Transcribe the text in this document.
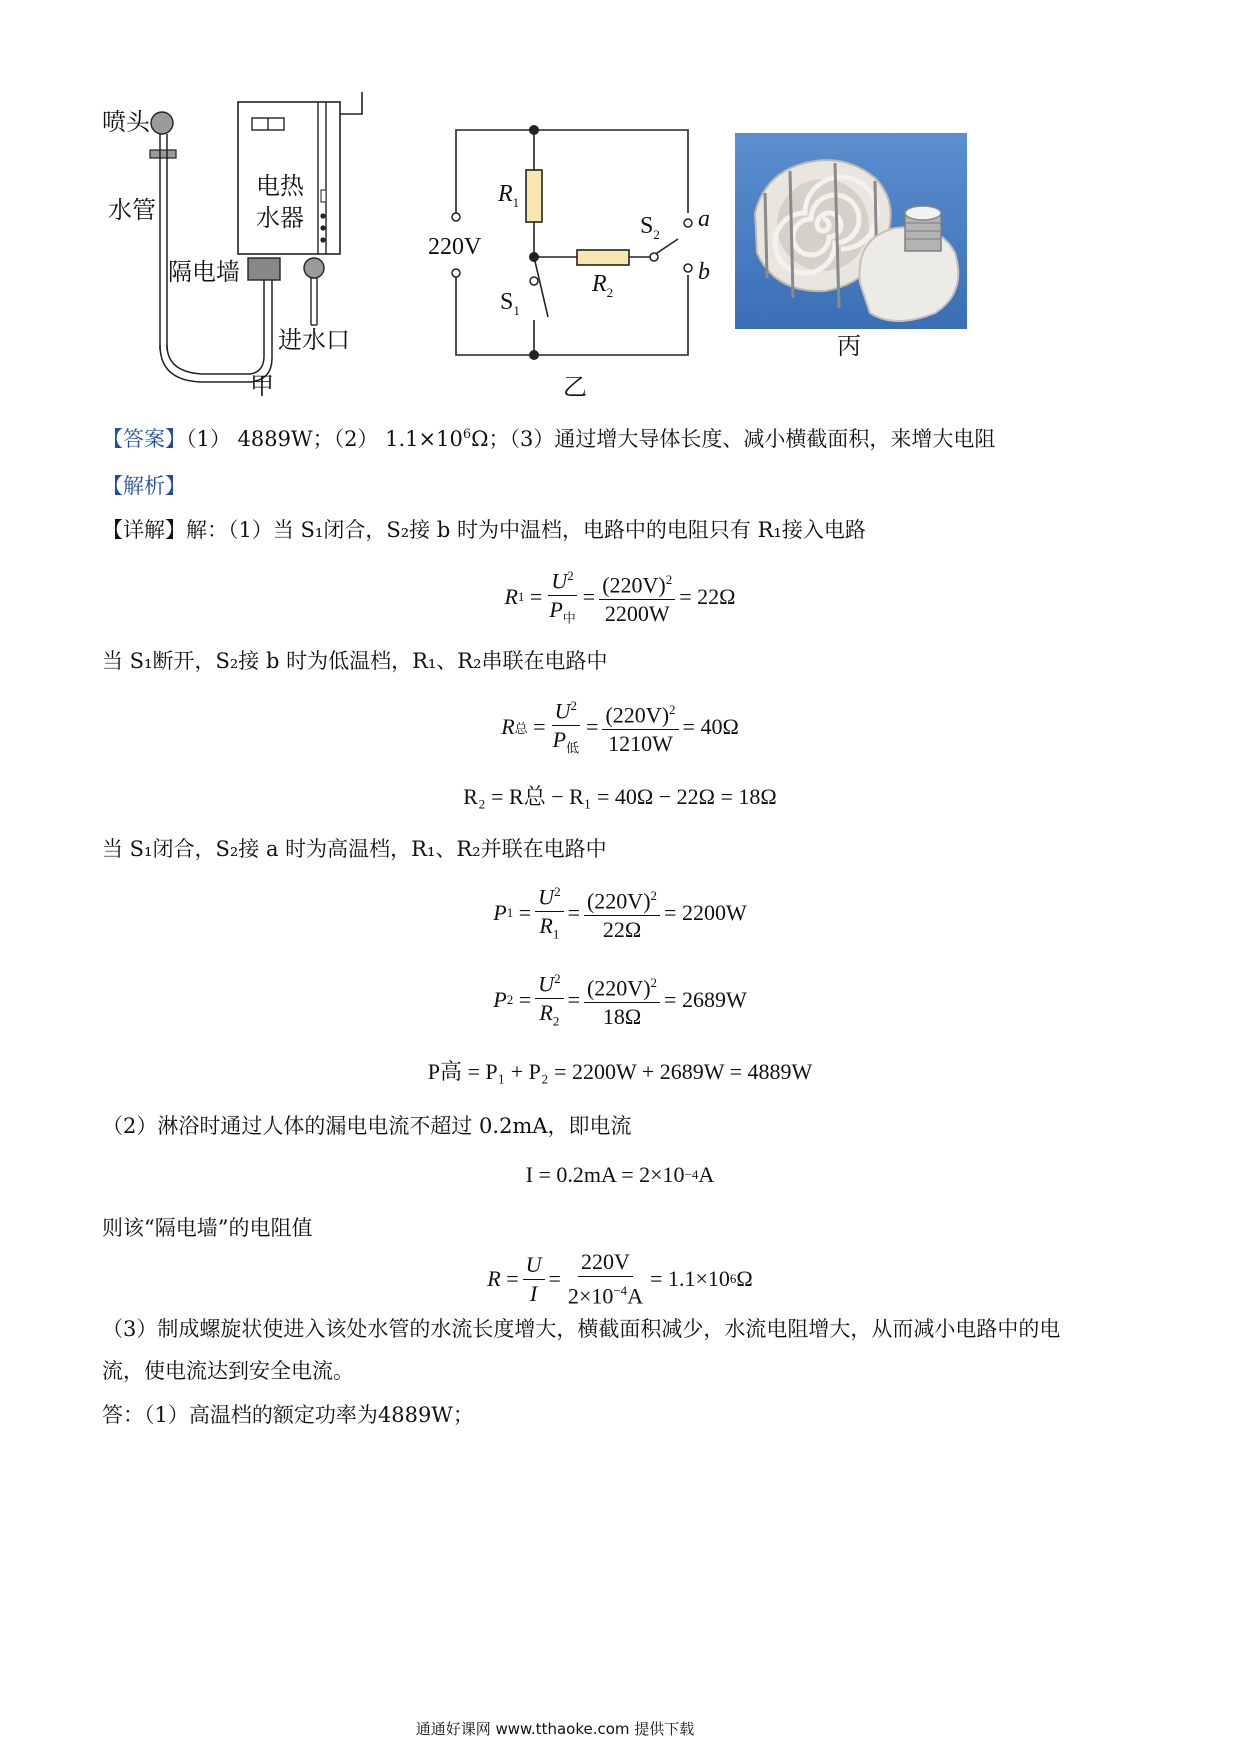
喷头
水管
电热
水器
隔电墙
进水口
甲
220V
$R_1$
$R_2$
$S_1$
$S_2$
a
b
乙
丙
【答案】（1） 4889W；（2） $1.1\times 10^6\Omega$；（3）通过增大导体长度、减小横截面积，来增大电阻
【解析】
【详解】解：（1）当 S₁闭合，S₂接 b 时为中温档，电路中的电阻只有 R₁接入电路
R $1 = \frac{U^2}{P_中} = \frac{(220V)^2}{2200W} = 22\Omega$
当 S₁断开，S₂接 b 时为低温档，R₁、R₂串联在电路中
R 总 = $\frac{U^2}{P_低} = \frac{(220V)^2}{1210W} = 40\Omega$
R₂ = R总 − R₁ = 40Ω − 22Ω = 18Ω
当 S₁闭合，S₂接 a 时为高温档，R₁、R₂并联在电路中
P $1 = \frac{U^2}{R_1} = \frac{(220V)^2}{22\Omega} = 2200W$
P $2 = \frac{U^2}{R_2} = \frac{(220V)^2}{18\Omega} = 2689W$
P高 = P₁ + P₂ = 2200W + 2689W = 4889W
（2）淋浴时通过人体的漏电电流不超过 0.2mA，即电流
I = 0.2mA = 2×10 −4 A
则该“隔电墙”的电阻值
$R = \frac{U}{I} = \frac{220V}{2\times 10^{-4}A} = 1.1\times 10$ 6 Ω
（3）制成螺旋状使进入该处水管的水流长度增大，横截面积减少，水流电阻增大，从而减小电路中的电
流，使电流达到安全电流。
答：（1）高温档的额定功率为4889W；
通通好课网 www.tthaoke.com 提供下载
